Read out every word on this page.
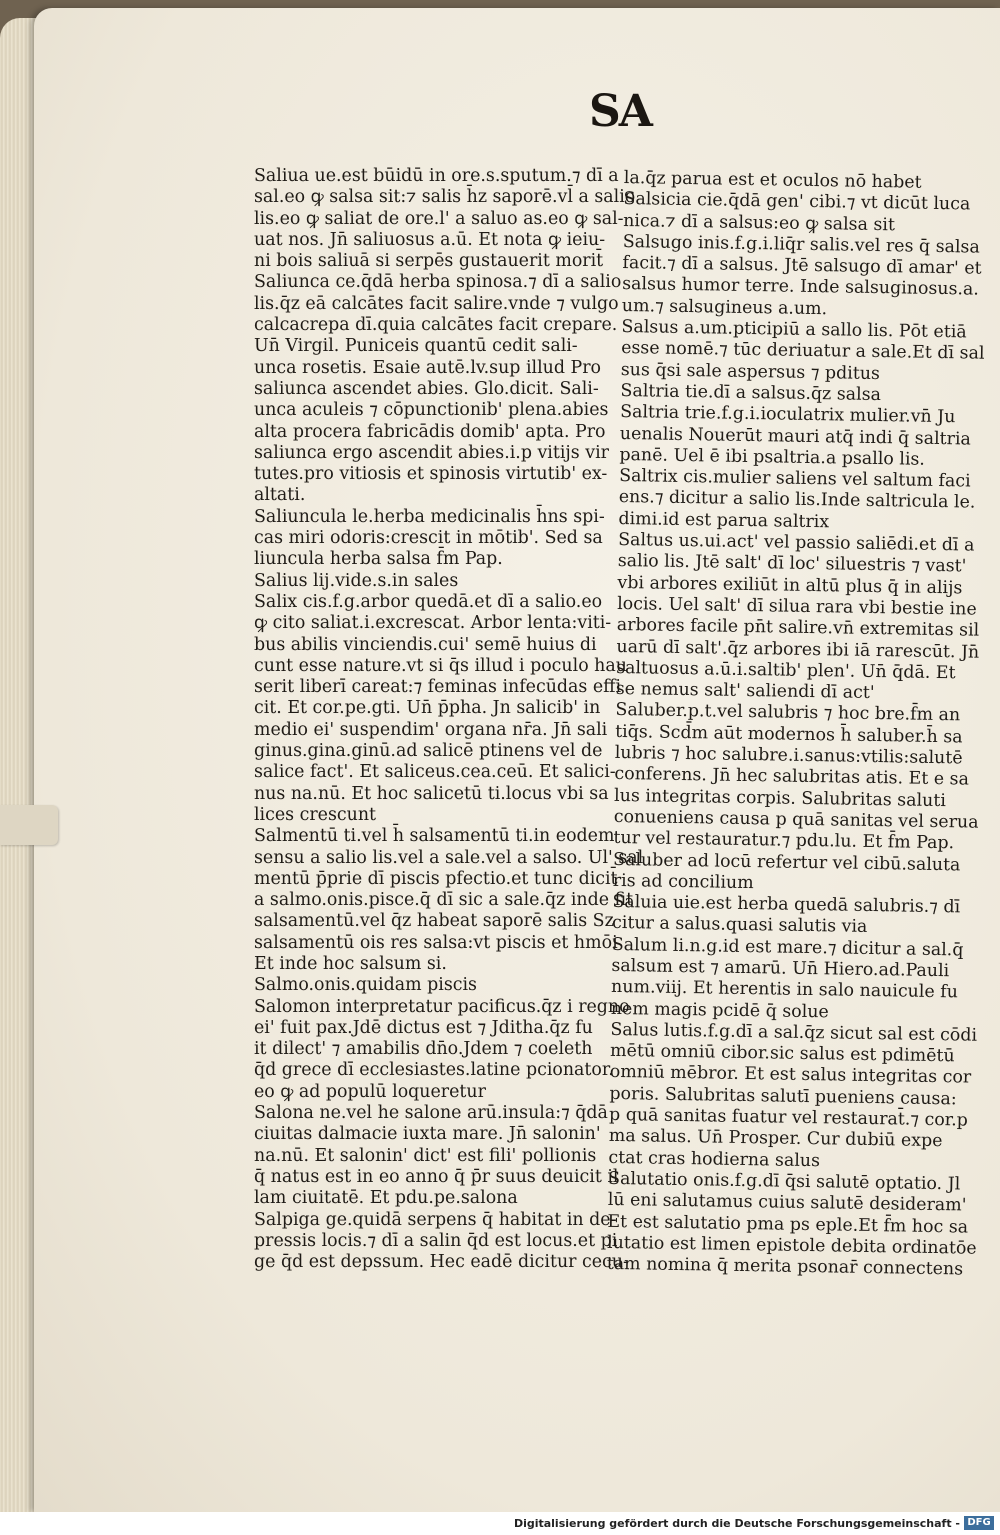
SA
Saliua ue.est būidū in ore.s.sputum.⁊ dī a
sal.eo ꝙ salsa sit:⁊ salis h̄z saporē.vl̄ a salio
lis.eo ꝙ saliat de ore.l' a saluo as.eo ꝙ sal-
uat nos. Jn̄ saliuosus a.ū. Et nota ꝙ ieiu-
ni bois saliuā si serpēs gustauerit morit̄
Saliunca ce.q̄dā herba spinosa.⁊ dī a salio
lis.q̄z eā calcātes facit salire.vnde ⁊ vulgo
calcacrepa dī.quia calcātes facit crepare.
Un̄ Virgil. Puniceis quantū cedit sali-
unca rosetis. Esaie autē.lv.sup illud Pro
saliunca ascendet abies. Glo.dicit. Sali-
unca aculeis ⁊ cōpunctionib' plena.abies
alta procera fabricādis domib' apta. Pro
saliunca ergo ascendit abies.i.p vitijs vir
tutes.pro vitiosis et spinosis virtutib' ex-
altati.
Saliuncula le.herba medicinalis h̄ns spi-
cas miri odoris:crescit in mōtib'. Sed sa
liuncula herba salsa f̄m Pap.
Salius lij.vide.s.in sales
Salix cis.f.g.arbor quedā.et dī a salio.eo
ꝙ cito saliat.i.excrescat. Arbor lenta:viti-
bus abilis vinciendis.cui' semē huius di
cunt esse nature.vt si q̄s illud i poculo hau
serit liberī careat:⁊ feminas infecūdas effi
cit. Et cor.pe.gti. Un̄ p̄pha. Jn salicib' in
medio ei' suspendim' organa nr̄a. Jn̄ sali
ginus.gina.ginū.ad salicē ptinens vel de
salice fact'. Et saliceus.cea.ceū. Et salici-
nus na.nū. Et hoc salicetū ti.locus vbi sa
lices crescunt
Salmentū ti.vel h̄ salsamentū ti.in eodem
sensu a salio lis.vel a sale.vel a salso. Ul' sal
mentū p̄prie dī piscis pfectio.et tunc dicit̄
a salmo.onis.pisce.q̄ dī sic a sale.q̄z inde fit
salsamentū.vel q̄z habeat saporē salis Sz
salsamentū ois res salsa:vt piscis et hmōi
Et inde hoc salsum si.
Salmo.onis.quidam piscis
Salomon interpretatur pacificus.q̄z i regno
ei' fuit pax.Jdē dictus est ⁊ Jditha.q̄z fu
it dilect' ⁊ amabilis dn̄o.Jdem ⁊ coeleth
q̄d grece dī ecclesiastes.latine pcionator.
eo ꝙ ad populū loqueretur
Salona ne.vel he salone arū.insula:⁊ q̄dā
ciuitas dalmacie iuxta mare. Jn̄ salonin'
na.nū. Et salonin' dict' est fili' pollionis
q̄ natus est in eo anno q̄ p̄r suus deuicit il
lam ciuitatē. Et pdu.pe.salona
Salpiga ge.quidā serpens q̄ habitat in de-
pressis locis.⁊ dī a salin q̄d est locus.et pi
ge q̄d est depssum. Hec eadē dicitur cecu-
la.q̄z parua est et oculos nō habet
Salsicia cie.q̄dā gen' cibi.⁊ vt dicūt luca
nica.⁊ dī a salsus:eo ꝙ salsa sit
Salsugo inis.f.g.i.liq̄r salis.vel res q̄ salsa
facit.⁊ dī a salsus. Jtē salsugo dī amar' et
salsus humor terre. Inde salsuginosus.a.
um.⁊ salsugineus a.um.
Salsus a.um.pticipiū a sallo lis. Pōt etiā
esse nomē.⁊ tūc deriuatur a sale.Et dī sal
sus q̄si sale aspersus ⁊ pditus
Saltria tie.dī a salsus.q̄z salsa
Saltria trie.f.g.i.ioculatrix mulier.vn̄ Ju
uenalis Nouerūt mauri atq̄ indi q̄ saltria
panē. Uel ē ibi psaltria.a psallo lis.
Saltrix cis.mulier saliens vel saltum faci
ens.⁊ dicitur a salio lis.Inde saltricula le.
dimi.id est parua saltrix
Saltus us.ui.act' vel passio saliēdi.et dī a
salio lis. Jtē salt' dī loc' siluestris ⁊ vast'
vbi arbores exiliūt in altū plus q̄ in alijs
locis. Uel salt' dī silua rara vbi bestie ine
arbores facile pn̄t salire.vn̄ extremitas sil
uarū dī salt'.q̄z arbores ibi iā rarescūt. Jn̄
saltuosus a.ū.i.saltib' plen'. Un̄ q̄dā. Et
se nemus salt' saliendi dī act'
Saluber.p.t.vel salubris ⁊ hoc bre.f̄m an
tiq̄s. Scd̄m aūt modernos h̄ saluber.h̄ sa
lubris ⁊ hoc salubre.i.sanus:vtilis:salutē
conferens. Jn̄ hec salubritas atis. Et e sa
lus integritas corpis. Salubritas saluti
conueniens causa p quā sanitas vel serua
tur vel restauratur.⁊ pdu.lu. Et f̄m Pap.
Saluber ad locū refertur vel cibū.saluta
ris ad concilium
Saluia uie.est herba quedā salubris.⁊ dī
citur a salus.quasi salutis via
Salum li.n.g.id est mare.⁊ dicitur a sal.q̄
salsum est ⁊ amarū. Un̄ Hiero.ad.Pauli
num.viij. Et herentis in salo nauicule fu
nem magis pcidē q̄ solue
Salus lutis.f.g.dī a sal.q̄z sicut sal est cōdi
mētū omniū cibor.sic salus est pdimētū
omniū mēbror. Et est salus integritas cor
poris. Salubritas salutī pueniens causa:
p quā sanitas fuatur vel restaurat̄.⁊ cor.p
ma salus. Un̄ Prosper. Cur dubiū expe
ctat cras hodierna salus
Salutatio onis.f.g.dī q̄si salutē optatio. Jl
lū eni salutamus cuius salutē desideram'
Et est salutatio pma ps eple.Et f̄m hoc sa
lutatio est limen epistole debita ordinatōe
tam nomina q̄ merita psonar̄ connectens
Digitalisierung gefördert durch die Deutsche Forschungsgemeinschaft - DFG
